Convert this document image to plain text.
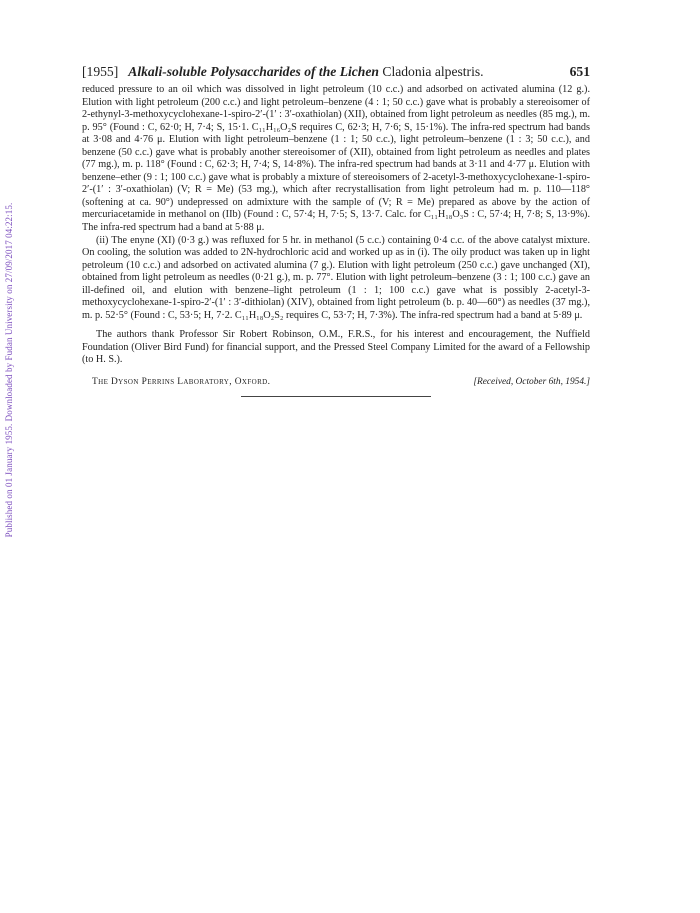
Published on 01 January 1955. Downloaded by Fudan University on 27/09/2017 04:22:15.
[1955] Alkali-soluble Polysaccharides of the Lichen Cladonia alpestris.	651

reduced pressure to an oil which was dissolved in light petroleum (10 c.c.) and adsorbed on activated alumina (12 g.). Elution with light petroleum (200 c.c.) and light petroleum–benzene (4 : 1; 50 c.c.) gave what is probably a stereoisomer of 2-ethynyl-3-methoxycyclohexane-1-spiro-2′-(1′ : 3′-oxathiolan) (XII), obtained from light petroleum as needles (85 mg.), m. p. 95° (Found : C, 62·0; H, 7·4; S, 15·1. C₁₁H₁₆O₂S requires C, 62·3; H, 7·6; S, 15·1%). The infra-red spectrum had bands at 3·08 and 4·76 μ. Elution with light petroleum–benzene (1 : 1; 50 c.c.), light petroleum–benzene (1 : 3; 50 c.c.), and benzene (50 c.c.) gave what is probably another stereoisomer of (XII), obtained from light petroleum as needles and plates (77 mg.), m. p. 118° (Found : C, 62·3; H, 7·4; S, 14·8%). The infra-red spectrum had bands at 3·11 and 4·77 μ. Elution with benzene–ether (9 : 1; 100 c.c.) gave what is probably a mixture of stereoisomers of 2-acetyl-3-methoxycyclohexane-1-spiro-2′-(1′ : 3′-oxathiolan) (V; R = Me) (53 mg.), which after recrystallisation from light petroleum had m. p. 110—118° (softening at ca. 90°) undepressed on admixture with the sample of (V; R = Me) prepared as above by the action of mercuriacetamide in methanol on (IIb) (Found : C, 57·4; H, 7·5; S, 13·7. Calc. for C₁₁H₁₈O₃S : C, 57·4; H, 7·8; S, 13·9%). The infra-red spectrum had a band at 5·88 μ.

(ii) The enyne (XI) (0·3 g.) was refluxed for 5 hr. in methanol (5 c.c.) containing 0·4 c.c. of the above catalyst mixture. On cooling, the solution was added to 2N-hydrochloric acid and worked up as in (i). The oily product was taken up in light petroleum (10 c.c.) and adsorbed on activated alumina (7 g.). Elution with light petroleum (250 c.c.) gave unchanged (XI), obtained from light petroleum as needles (0·21 g.), m. p. 77°. Elution with light petroleum–benzene (3 : 1; 100 c.c.) gave an ill-defined oil, and elution with benzene–light petroleum (1 : 1; 100 c.c.) gave what is possibly 2-acetyl-3-methoxycyclohexane-1-spiro-2′-(1′ : 3′-dithiolan) (XIV), obtained from light petroleum (b. p. 40—60°) as needles (37 mg.), m. p. 52·5° (Found : C, 53·5; H, 7·2. C₁₁H₁₈O₂S₂ requires C, 53·7; H, 7·3%). The infra-red spectrum had a band at 5·89 μ.

The authors thank Professor Sir Robert Robinson, O.M., F.R.S., for his interest and encouragement, the Nuffield Foundation (Oliver Bird Fund) for financial support, and the Pressed Steel Company Limited for the award of a Fellowship (to H. S.).

The Dyson Perrins Laboratory, Oxford.	[Received, October 6th, 1954.]
